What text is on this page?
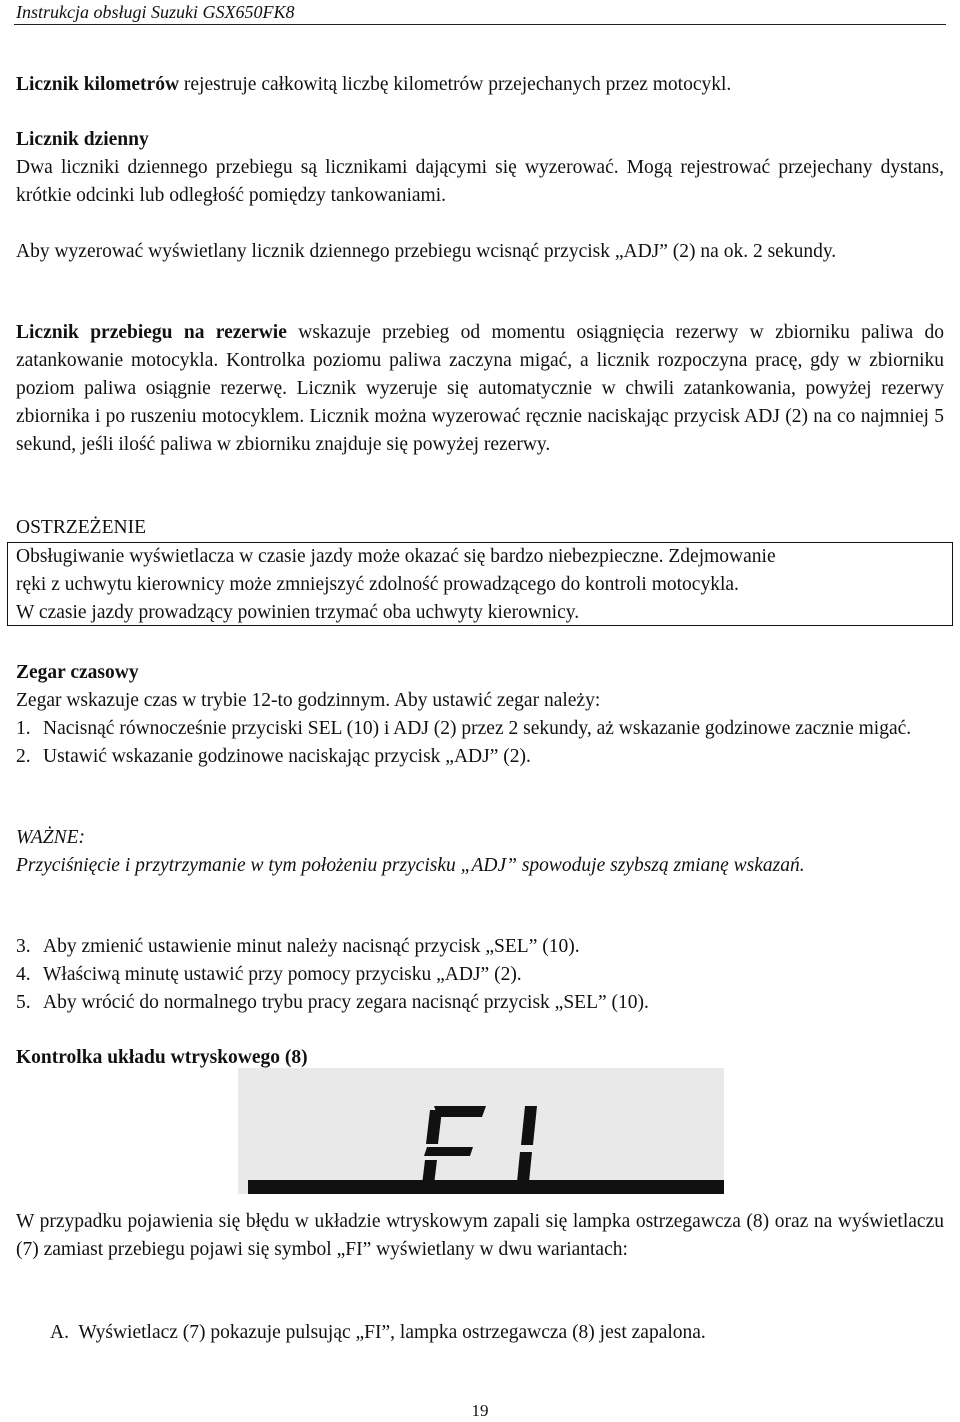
Instrukcja obsługi Suzuki GSX650FK8
Licznik kilometrów rejestruje całkowitą liczbę kilometrów przejechanych przez motocykl.
Licznik dzienny
Dwa liczniki dziennego przebiegu są licznikami dającymi się wyzerować. Mogą rejestrować przejechany dystans, krótkie odcinki lub odległość pomiędzy tankowaniami.
Aby wyzerować wyświetlany licznik dziennego przebiegu wcisnąć przycisk „ADJ” (2) na ok. 2 sekundy.
Licznik przebiegu na rezerwie wskazuje przebieg od momentu osiągnięcia rezerwy w zbiorniku paliwa do zatankowanie motocykla. Kontrolka poziomu paliwa zaczyna migać, a licznik rozpoczyna pracę, gdy w zbiorniku poziom paliwa osiągnie rezerwę. Licznik wyzeruje się automatycznie w chwili zatankowania, powyżej rezerwy zbiornika i po ruszeniu motocyklem. Licznik można wyzerować ręcznie naciskając przycisk ADJ (2) na co najmniej 5 sekund, jeśli ilość paliwa w zbiorniku znajduje się powyżej rezerwy.
OSTRZEŻENIE
Obsługiwanie wyświetlacza w czasie jazdy może okazać się bardzo niebezpieczne. Zdejmowanie
ręki z uchwytu kierownicy może zmniejszyć zdolność prowadzącego do kontroli motocykla.
W czasie jazdy prowadzący powinien trzymać oba uchwyty kierownicy.
Zegar czasowy
Zegar wskazuje czas w trybie 12-to godzinnym. Aby ustawić zegar należy:
1. Nacisnąć równocześnie przyciski SEL (10) i ADJ (2) przez 2 sekundy, aż wskazanie godzinowe zacznie migać.
2. Ustawić wskazanie godzinowe naciskając przycisk „ADJ” (2).
WAŻNE:
Przyciśnięcie i przytrzymanie w tym położeniu przycisku „ADJ” spowoduje szybszą zmianę wskazań.
3. Aby zmienić ustawienie minut należy nacisnąć przycisk „SEL” (10).
4. Właściwą minutę ustawić przy pomocy przycisku „ADJ” (2).
5. Aby wrócić do normalnego trybu pracy zegara nacisnąć przycisk „SEL” (10).
Kontrolka układu wtryskowego (8)
W przypadku pojawienia się błędu w układzie wtryskowym zapali się lampka ostrzegawcza (8) oraz na wyświetlaczu (7) zamiast przebiegu pojawi się symbol „FI” wyświetlany w dwu wariantach:
A. Wyświetlacz (7) pokazuje pulsując „FI”, lampka ostrzegawcza (8) jest zapalona.
19
